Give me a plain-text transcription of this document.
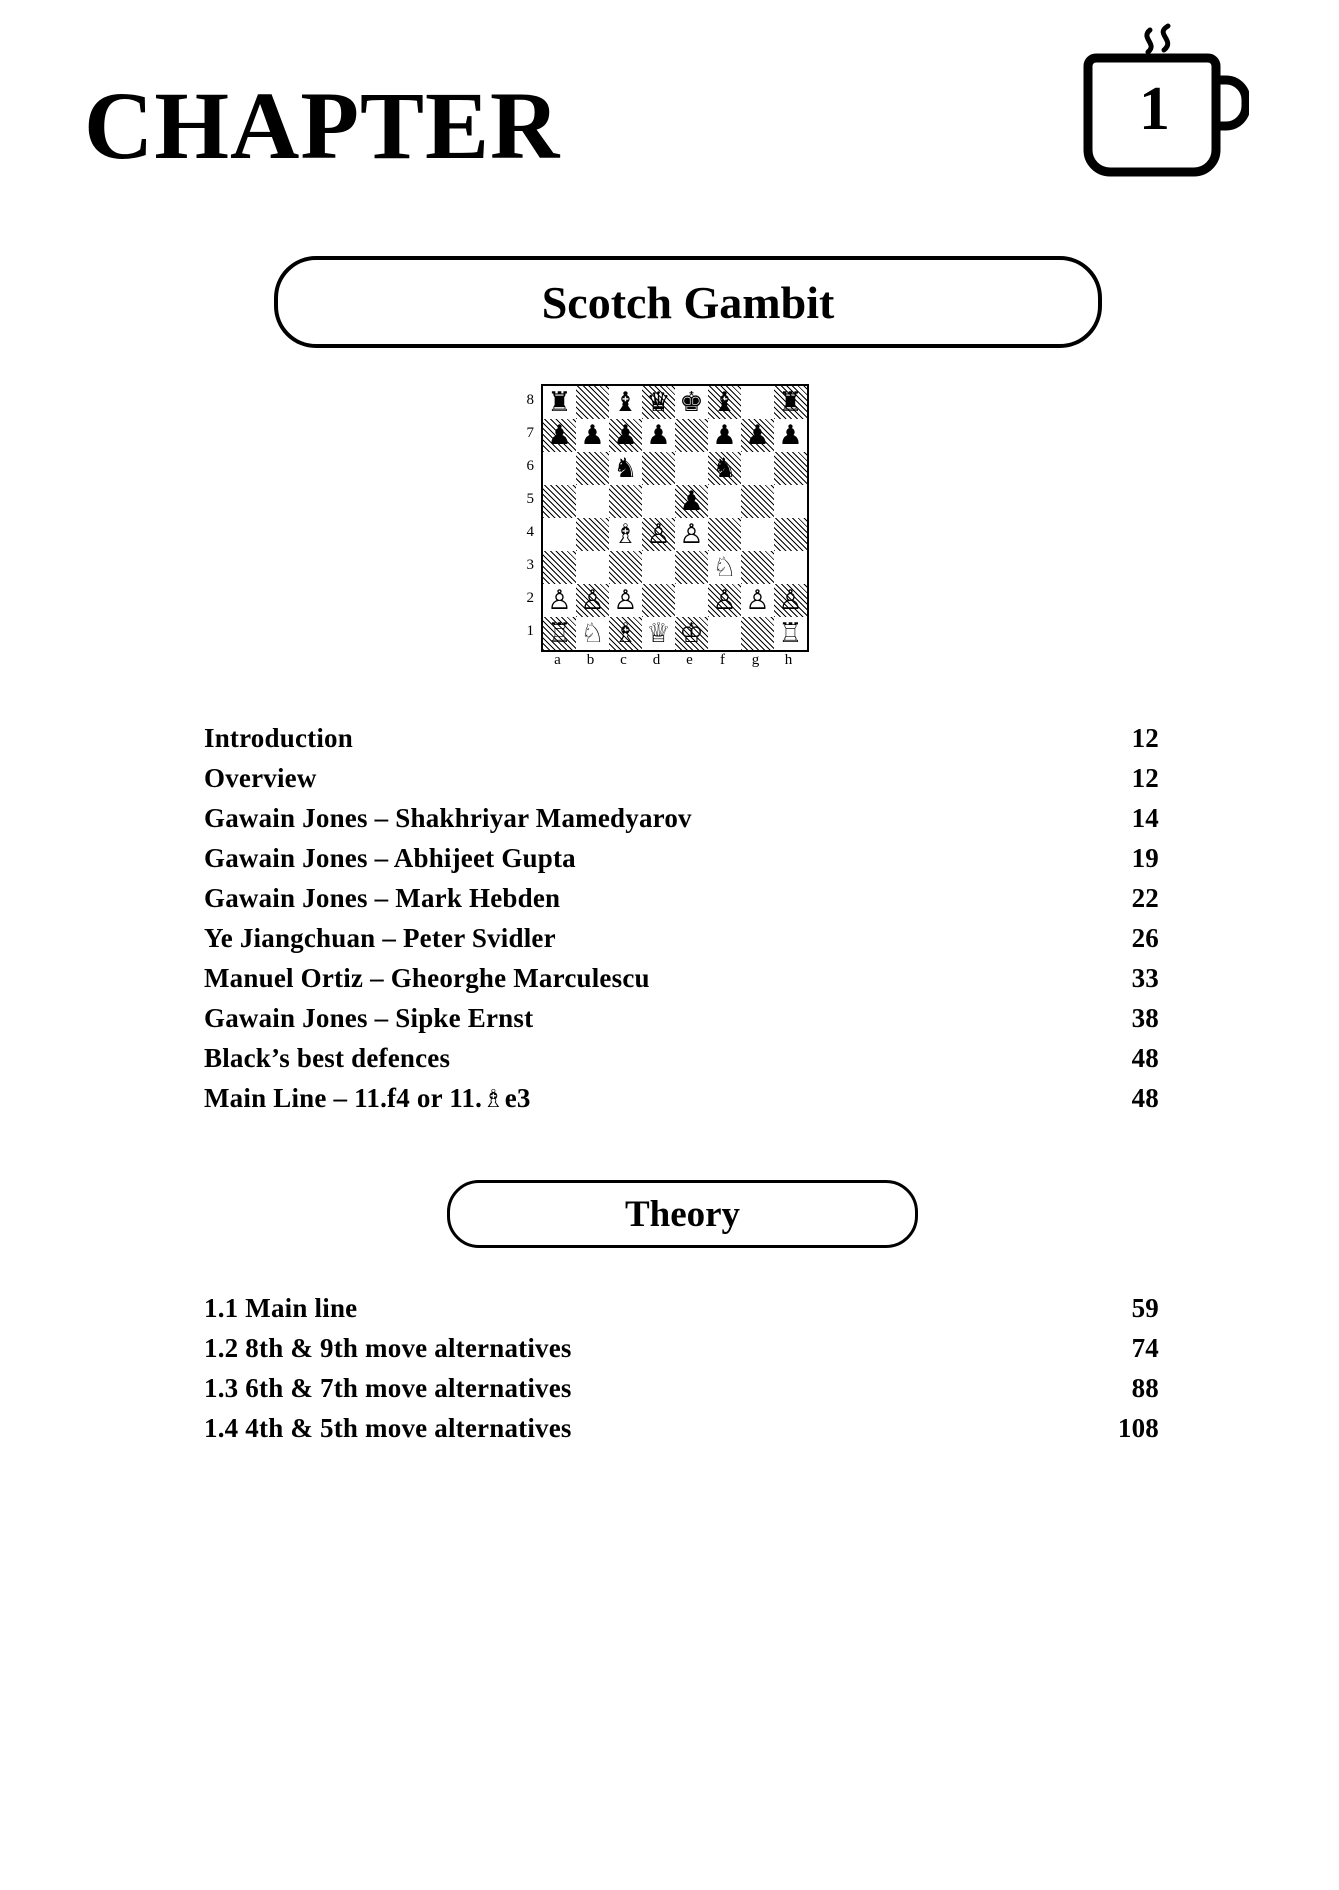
CHAPTER	1
Scotch Gambit
8
7
6
5
4
3
2
1
♜ ♝ ♛ ♚ ♝ ♜
♟ ♟ ♟ ♟ ♟ ♟ ♟
♞	♞
♟
♗ ♙ ♙
♘
♙ ♙ ♙	♙ ♙ ♙
♖ ♘ ♗ ♕ ♔	♖
a	b	c	d	e	f	g	h
Introduction	12
Overview	12
Gawain Jones – Shakhriyar Mamedyarov	14
Gawain Jones – Abhijeet Gupta	19
Gawain Jones – Mark Hebden	22
Ye Jiangchuan – Peter Svidler	26
Manuel Ortiz – Gheorghe Marculescu	33
Gawain Jones – Sipke Ernst	38
Black’s best defences	48
Main Line – 11.f4 or 11.♗e3	48
Theory
1.1 Main line	59
1.2 8th & 9th move alternatives	74
1.3 6th & 7th move alternatives	88
1.4 4th & 5th move alternatives	108
